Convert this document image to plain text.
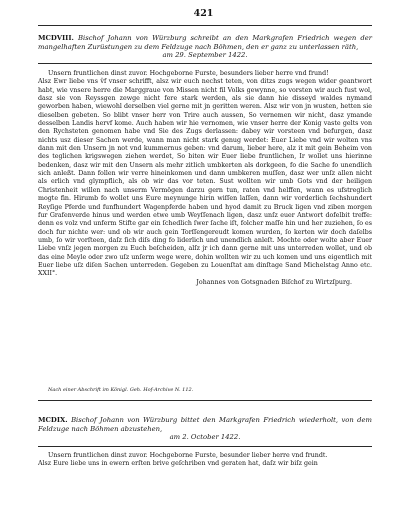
421
MCDVIII. Bischof Johann von Würzburg schreibt an den Markgrafen Friedrich wegen der mangelhaften Zurüstungen zu dem Feldzuge nach Böhmen, den er ganz zu unterlassen räth,
am 29. September 1422.

Unsern fruntlichen dinst zuvor. Hochgeborne Furste, besunders lieber herre vnd frund!

Alsz Ewr liebe vns v̈f vnser schrifft, alsz wir euch nechst teten, von ditzs zugs wegen wider geantwort habt, wie vnsere herre die Marggraue von Missen nicht fil Volks gewynne, so vorsten wir auch fust wol, dasz sie von Reyssgen zewge nicht fere stark werden, als sie dann hie disseyd waldes nymand geworben haben, wiewohl derselben viel gerne mit jn geritten weren. Alsz wir von jn wusten, hetten sie dieselben gebeten. So blibt vnser herr von Trire auch aussen, So vernemen wir nicht, dasz ymande desselben Landis hervf kome. Auch haben wir hie vernomen, wie vnser herre der Konig vaste gelts von den Rychsteten genomen habe vnd Sie des Zugs derlassen: dabey wir vorsteen vnd befurgen, dasz nichts usz dieser Sachen werde, wann man nicht stark genug werdet: Euer Liebe vnd wir wolten vns dann mit den Unsern jn not vnd kummernus geben: vnd darum, lieber here, alz it mit gein Beheim von des teglichen krigswegen ziehen werdet, So biten wir Euer liebe fruntlichen, Ir wollet uns hierinne bedenken, dasz wir mit den Unsern als mehr zitlich umbkerten als dorkgeen, fo die Sache fo unendlich sich anleßt. Dann follen wir verre hineinkomen und dann umbkeren muſſen, dasz wer unſz allen nicht als erlich vnd glympflich, als ob wir das vor teten. Sust wollten wir umb Gots vnd der heiligen Christenheit willen nach unserm Vermögen darzu gern tun, raten vnd helffen, wann es ufstreglich mogte fin. Hirumb fo wollet uns Eure meynunge hirin wiſſen laſſen, dann wir vorderlich ſechshundert Reyſige Pferde und funfhundert Wagenpferde haben und hyod damit zu Bruck ligen vnd ziben morgen fur Grafenverde hinus und werden etwe umb Weyſſenach ligen, dasz unſz euer Antwort dofelbit treffe: denn es volz vnd unferm Stifte gar ein ſchedlich ſwer ſache iſt, folcher maſſe hin und her zuziehen, ſo es doch fur nichte wer: und ob wir auch gein Torſſengereudt komen wurden, ſo kerten wir doch daſelbs umb, ſo wir vorſteen, daſz ſich diſs ding fo liderlich und unendlich anleſt. Mochte oder wolte aber Euer Liebe vnſz jegen morgen zu Euch beſcheiden, alſz jr ich dann gerne mit uns unterreden wollet, und ob das eine Meyle oder zwo uſz unſerm wege were, dohin wollten wir zu uch komen und uns eigentlich mit Euer liebe uſz diſen Sachen unterreden. Gegeben zu Louenſtat am dinſtage Sand Michelstag Anno etc. XXII°.

Johannes von Gotsgnaden Biſchof zu Wirtzſpurg.
Nach einer Abschrift im Königl. Geh. Hof-Archive N. 112.
MCDIX. Bischof Johann von Würzburg bittet den Markgrafen Friedrich wiederholt, von dem Feldzuge nach Böhmen abzustehen,
am 2. October 1422.

Unsern fruntlichen dinst zuvor. Hochgeborne Furste, besunder lieber herre vnd frundt.

Alsz Eure liebe uns in ewern erſten brive geſchriben vnd geraten hat, daſz wir biſz gein
